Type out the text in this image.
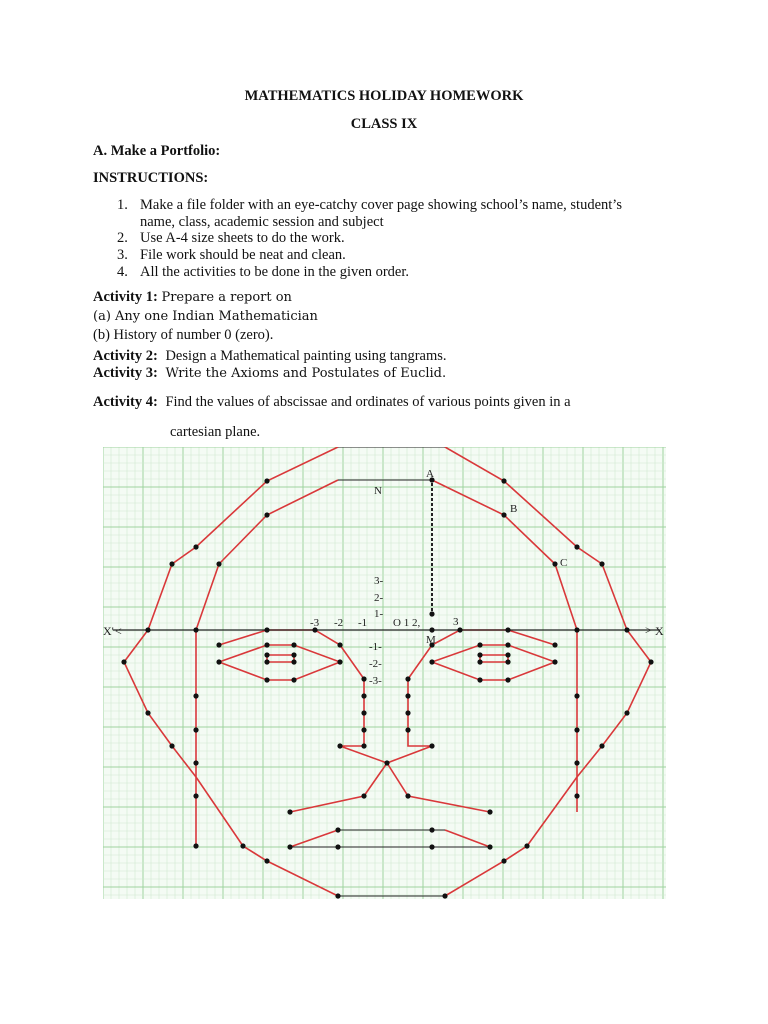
MATHEMATICS HOLIDAY HOMEWORK
CLASS IX
A. Make a Portfolio:
INSTRUCTIONS:
1. Make a file folder with an eye-catchy cover page showing school’s name, student’s
name, class, academic session and subject
2. Use A-4 size sheets to do the work.
3. File work should be neat and clean.
4. All the activities to be done in the given order.
Activity 1: Prepare a report on
(a) Any one Indian Mathematician
(b) History of number 0 (zero).
Activity 2: Design a Mathematical painting using tangrams.
Activity 3: Write the Axioms and Postulates of Euclid.
Activity 4: Find the values of abscissae and ordinates of various points given in a
cartesian plane.
X' <	> X
-3 -2 -1 O 1 2,	3
3-
2-
1-
-1-
-2-
-3-
A
B
C
N
M
